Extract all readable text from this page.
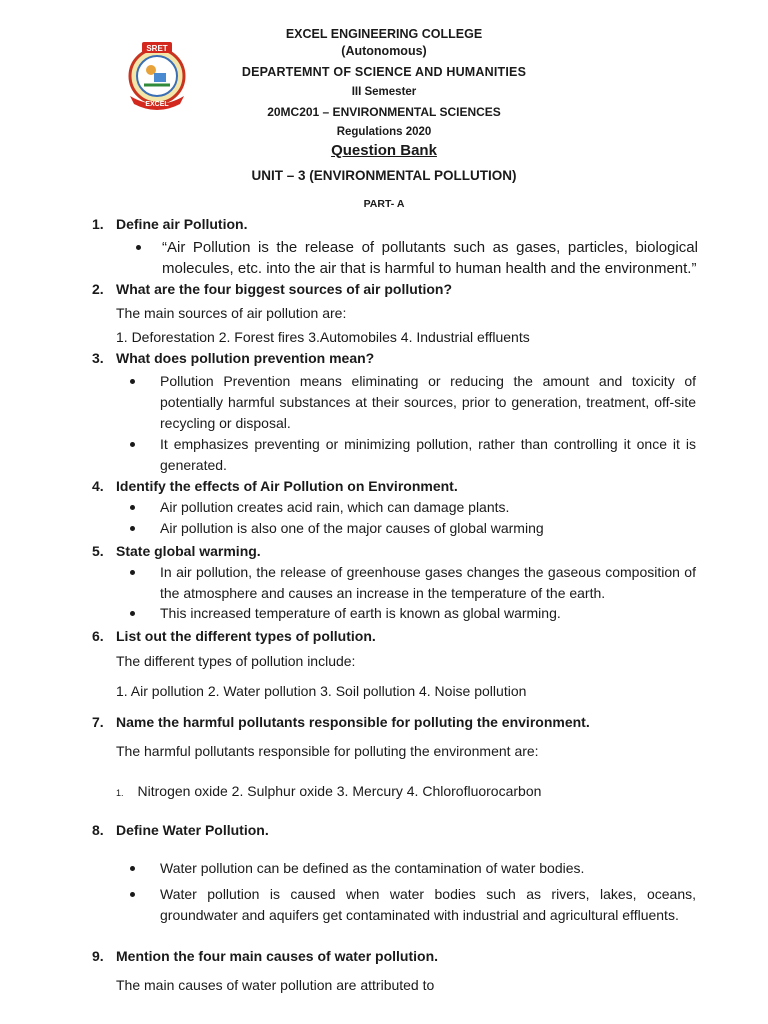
SRET
EXCEL
EXCEL ENGINEERING COLLEGE
(Autonomous)
DEPARTEMNT OF SCIENCE AND HUMANITIES
III Semester
20MC201 – ENVIRONMENTAL SCIENCES
Regulations 2020
Question Bank
UNIT – 3 (ENVIRONMENTAL POLLUTION)
PART- A
1. Define air Pollution.
“Air Pollution is the release of pollutants such as gases, particles, biological molecules, etc. into the air that is harmful to human health and the environment.”
2. What are the four biggest sources of air pollution?
The main sources of air pollution are:
1. Deforestation 2. Forest fires 3.Automobiles 4. Industrial effluents
3. What does pollution prevention mean?
Pollution Prevention means eliminating or reducing the amount and toxicity of potentially harmful substances at their sources, prior to generation, treatment, off-site recycling or disposal.
It emphasizes preventing or minimizing pollution, rather than controlling it once it is generated.
4. Identify the effects of Air Pollution on Environment.
Air pollution creates acid rain, which can damage plants.
Air pollution is also one of the major causes of global warming
5. State global warming.
In air pollution, the release of greenhouse gases changes the gaseous composition of the atmosphere and causes an increase in the temperature of the earth.
This increased temperature of earth is known as global warming.
6. List out the different types of pollution.
The different types of pollution include:
1. Air pollution 2. Water pollution 3. Soil pollution 4. Noise pollution
7. Name the harmful pollutants responsible for polluting the environment.
The harmful pollutants responsible for polluting the environment are:
1. Nitrogen oxide 2. Sulphur oxide 3. Mercury 4. Chlorofluorocarbon
8. Define Water Pollution.
Water pollution can be defined as the contamination of water bodies.
Water pollution is caused when water bodies such as rivers, lakes, oceans, groundwater and aquifers get contaminated with industrial and agricultural effluents.
9. Mention the four main causes of water pollution.
The main causes of water pollution are attributed to
